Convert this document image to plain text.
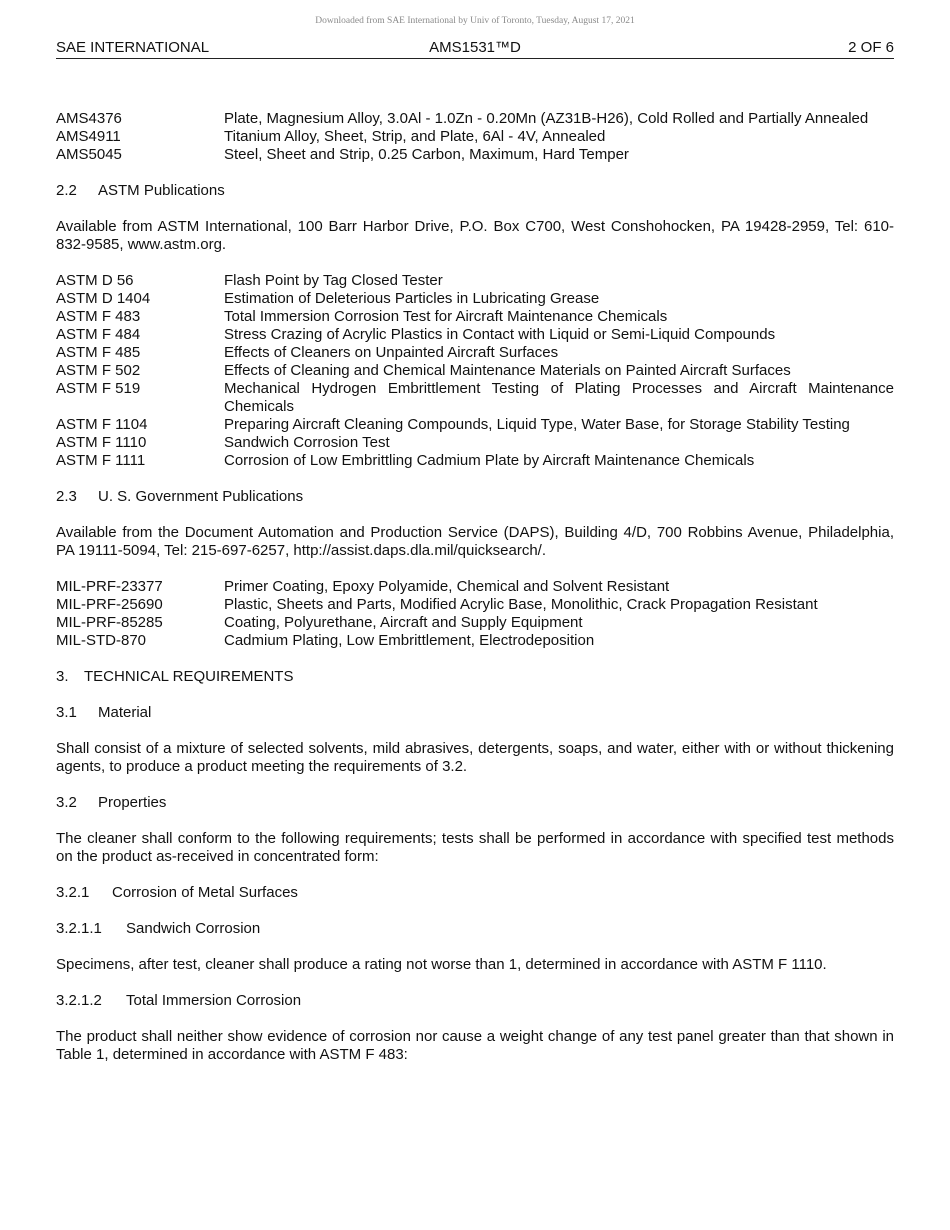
Downloaded from SAE International by Univ of Toronto, Tuesday, August 17, 2021
SAE INTERNATIONAL	AMS1531™D	2 OF 6
AMS4376	Plate, Magnesium Alloy, 3.0Al - 1.0Zn - 0.20Mn (AZ31B-H26), Cold Rolled and Partially Annealed
AMS4911	Titanium Alloy, Sheet, Strip, and Plate, 6Al - 4V, Annealed
AMS5045	Steel, Sheet and Strip, 0.25 Carbon, Maximum, Hard Temper

2.2 ASTM Publications

Available from ASTM International, 100 Barr Harbor Drive, P.O. Box C700, West Conshohocken, PA 19428-2959, Tel: 610-832-9585, www.astm.org.

ASTM D 56	Flash Point by Tag Closed Tester
ASTM D 1404	Estimation of Deleterious Particles in Lubricating Grease
ASTM F 483	Total Immersion Corrosion Test for Aircraft Maintenance Chemicals
ASTM F 484	Stress Crazing of Acrylic Plastics in Contact with Liquid or Semi-Liquid Compounds
ASTM F 485	Effects of Cleaners on Unpainted Aircraft Surfaces
ASTM F 502	Effects of Cleaning and Chemical Maintenance Materials on Painted Aircraft Surfaces
ASTM F 519	Mechanical Hydrogen Embrittlement Testing of Plating Processes and Aircraft Maintenance Chemicals
ASTM F 1104	Preparing Aircraft Cleaning Compounds, Liquid Type, Water Base, for Storage Stability Testing
ASTM F 1110	Sandwich Corrosion Test
ASTM F 1111	Corrosion of Low Embrittling Cadmium Plate by Aircraft Maintenance Chemicals

2.3 U. S. Government Publications

Available from the Document Automation and Production Service (DAPS), Building 4/D, 700 Robbins Avenue, Philadelphia, PA 19111-5094, Tel: 215-697-6257, http://assist.daps.dla.mil/quicksearch/.

MIL-PRF-23377	Primer Coating, Epoxy Polyamide, Chemical and Solvent Resistant
MIL-PRF-25690	Plastic, Sheets and Parts, Modified Acrylic Base, Monolithic, Crack Propagation Resistant
MIL-PRF-85285	Coating, Polyurethane, Aircraft and Supply Equipment
MIL-STD-870	Cadmium Plating, Low Embrittlement, Electrodeposition

3. TECHNICAL REQUIREMENTS

3.1 Material

Shall consist of a mixture of selected solvents, mild abrasives, detergents, soaps, and water, either with or without thickening agents, to produce a product meeting the requirements of 3.2.

3.2 Properties

The cleaner shall conform to the following requirements; tests shall be performed in accordance with specified test methods on the product as-received in concentrated form:

3.2.1 Corrosion of Metal Surfaces

3.2.1.1 Sandwich Corrosion

Specimens, after test, cleaner shall produce a rating not worse than 1, determined in accordance with ASTM F 1110.

3.2.1.2 Total Immersion Corrosion

The product shall neither show evidence of corrosion nor cause a weight change of any test panel greater than that shown in Table 1, determined in accordance with ASTM F 483:
